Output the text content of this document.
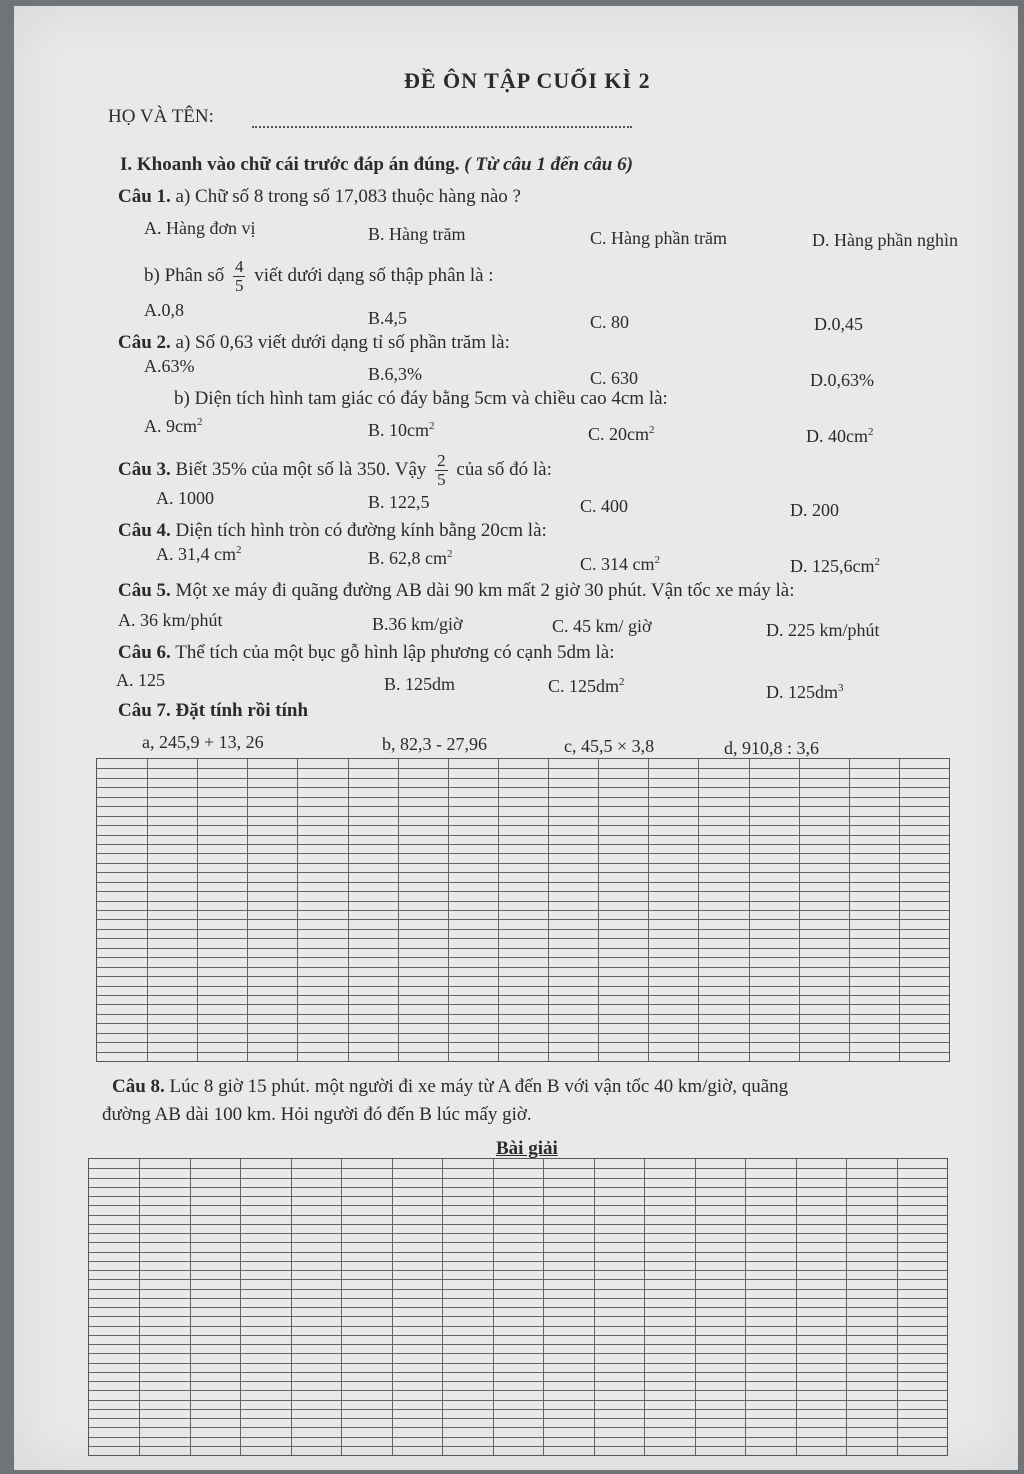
ĐỀ ÔN TẬP CUỐI KÌ 2
HỌ VÀ TÊN:
I. Khoanh vào chữ cái trước đáp án đúng. ( Từ câu 1 đến câu 6)
Câu 1. a) Chữ số 8 trong số 17,083 thuộc hàng nào ?
A. Hàng đơn vị	B. Hàng trăm	C. Hàng phần trăm	D. Hàng phần nghìn
b) Phân số $\frac{4}{5}$ viết dưới dạng số thập phân là :
A.0,8	B.4,5	C. 80	D.0,45
Câu 2. a) Số 0,63 viết dưới dạng tỉ số phần trăm là:
A.63%	B.6,3%	C. 630	D.0,63%
b) Diện tích hình tam giác có đáy bằng 5cm và chiều cao 4cm là:
A. $9cm^2$	B. $10cm^2$	C. $20cm^2$	D. $40cm^2$
Câu 3. Biết 35% của một số là 350. Vậy $\frac{2}{5}$ của số đó là:
A. 1000	B. 122,5	C. 400	D. 200
Câu 4. Diện tích hình tròn có đường kính bằng 20cm là:
A. 31,4 $cm^2$	B. 62,8 $cm^2$	C. 314 $cm^2$	D. $125,6cm^2$
Câu 5. Một xe máy đi quãng đường AB dài 90 km mất 2 giờ 30 phút. Vận tốc xe máy là:
A. 36 km/phút	B.36 km/giờ	C. 45 km/ giờ	D. 225 km/phút
Câu 6. Thể tích của một bục gỗ hình lập phương có cạnh 5dm là:
A. 125	B. 125dm	C. $125dm^2$	D. $125dm^3$
Câu 7. Đặt tính rồi tính
a, 245,9 + 13, 26	b, 82,3 - 27,96	c, 45,5 × 3,8	d, 910,8 : 3,6
Câu 8. Lúc 8 giờ 15 phút. một người đi xe máy từ A đến B với vận tốc 40 km/giờ, quãng
đường AB dài 100 km. Hỏi người đó đến B lúc mấy giờ.
Bài giải
